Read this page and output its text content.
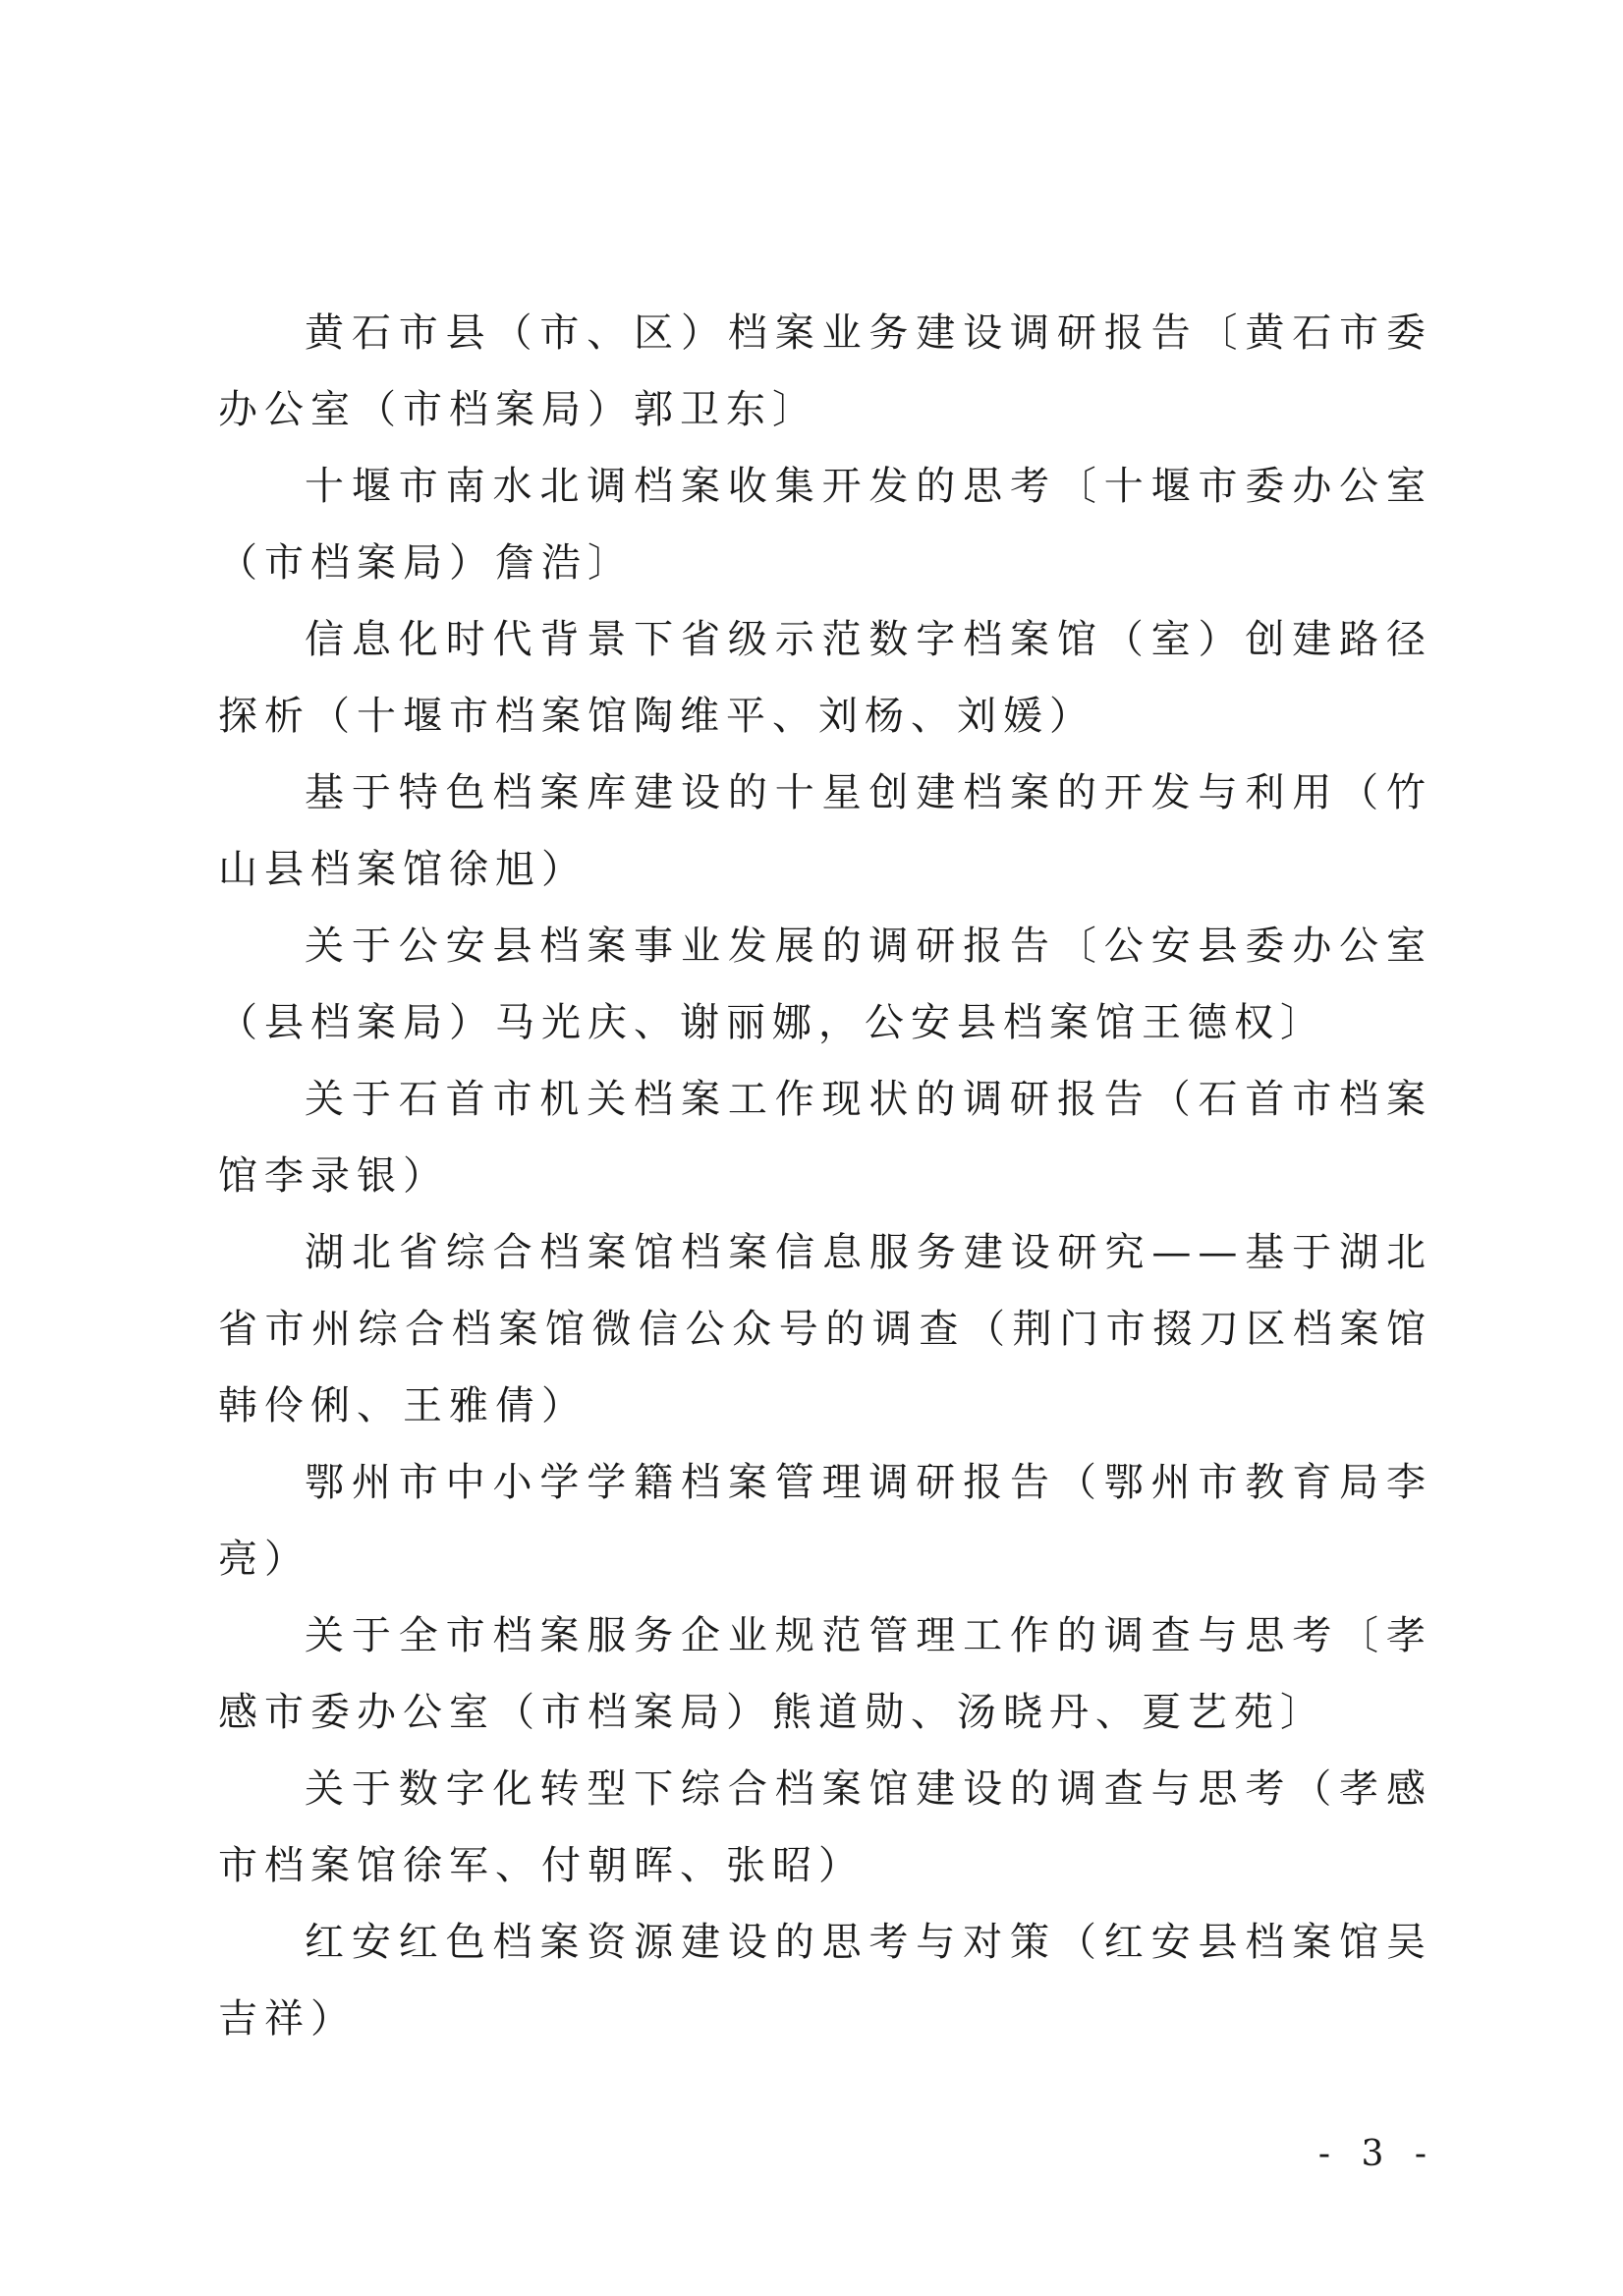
黄石市县（市、区）档案业务建设调研报告〔黄石市委办公室（市档案局）郭卫东〕

十堰市南水北调档案收集开发的思考〔十堰市委办公室（市档案局）詹浩〕

信息化时代背景下省级示范数字档案馆（室）创建路径探析（十堰市档案馆陶维平、刘杨、刘媛）

基于特色档案库建设的十星创建档案的开发与利用（竹山县档案馆徐旭）

关于公安县档案事业发展的调研报告〔公安县委办公室（县档案局）马光庆、谢丽娜，公安县档案馆王德权〕

关于石首市机关档案工作现状的调研报告（石首市档案馆李录银）

湖北省综合档案馆档案信息服务建设研究——基于湖北省市州综合档案馆微信公众号的调查（荆门市掇刀区档案馆韩伶俐、王雅倩）

鄂州市中小学学籍档案管理调研报告（鄂州市教育局李亮）

关于全市档案服务企业规范管理工作的调查与思考〔孝感市委办公室（市档案局）熊道勋、汤晓丹、夏艺苑〕

关于数字化转型下综合档案馆建设的调查与思考（孝感市档案馆徐军、付朝晖、张昭）

红安红色档案资源建设的思考与对策（红安县档案馆吴吉祥）

- 3 -
